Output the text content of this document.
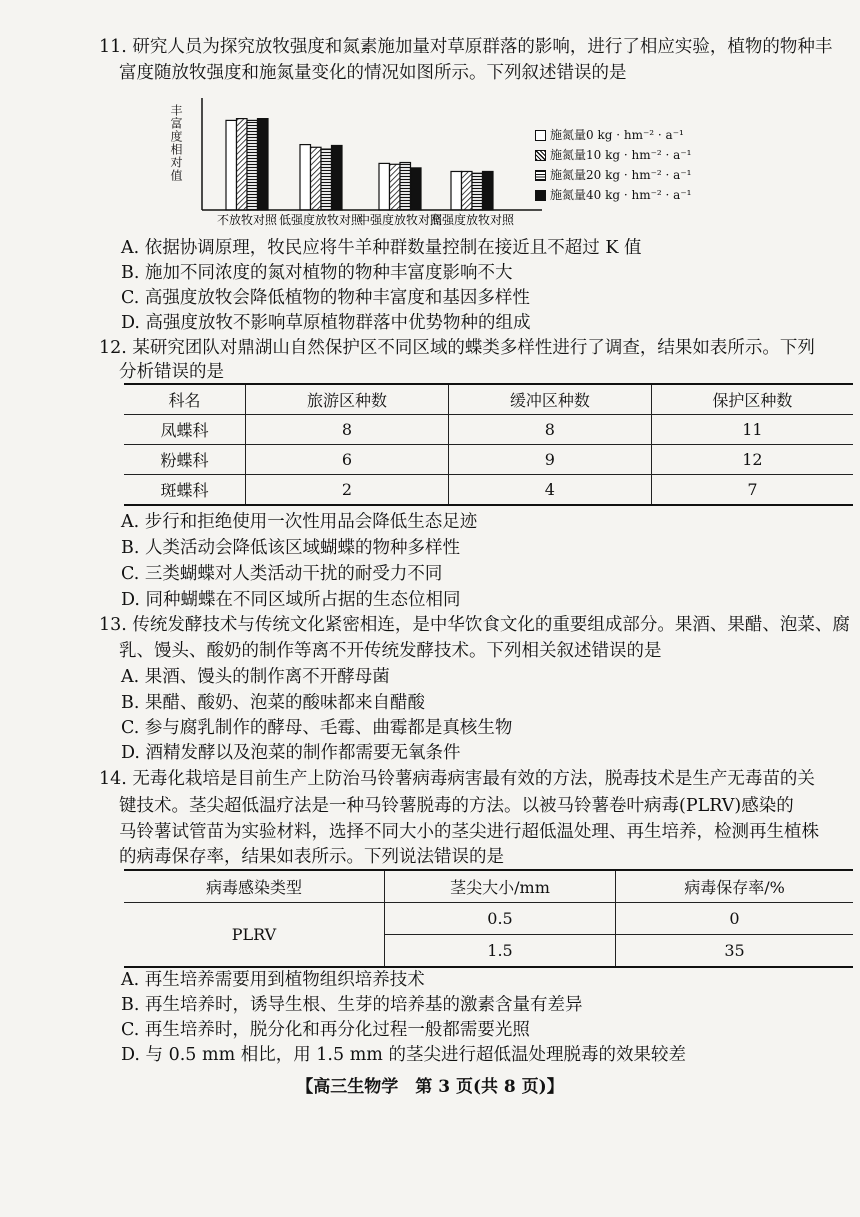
11. 研究人员为探究放牧强度和氮素施加量对草原群落的影响，进行了相应实验，植物的物种丰
富度随放牧强度和施氮量变化的情况如图所示。下列叙述错误的是
不放牧对照 低强度放牧对照
中强度放牧对照
高强度放牧对照
丰富度相对值	施氮量0 kg · hm⁻² · a⁻¹
施氮量10 kg · hm⁻² · a⁻¹
施氮量20 kg · hm⁻² · a⁻¹
施氮量40 kg · hm⁻² · a⁻¹
A. 依据协调原理，牧民应将牛羊种群数量控制在接近且不超过 K 值
B. 施加不同浓度的氮对植物的物种丰富度影响不大
C. 高强度放牧会降低植物的物种丰富度和基因多样性
D. 高强度放牧不影响草原植物群落中优势物种的组成
12. 某研究团队对鼎湖山自然保护区不同区域的蝶类多样性进行了调查，结果如表所示。下列
分析错误的是
科名	旅游区种数	缓冲区种数	保护区种数
凤蝶科	8	8	11
粉蝶科	6	9	12
斑蝶科	2	4	7
A. 步行和拒绝使用一次性用品会降低生态足迹
B. 人类活动会降低该区域蝴蝶的物种多样性
C. 三类蝴蝶对人类活动干扰的耐受力不同
D. 同种蝴蝶在不同区域所占据的生态位相同
13. 传统发酵技术与传统文化紧密相连，是中华饮食文化的重要组成部分。果酒、果醋、泡菜、腐
乳、馒头、酸奶的制作等离不开传统发酵技术。下列相关叙述错误的是
A. 果酒、馒头的制作离不开酵母菌
B. 果醋、酸奶、泡菜的酸味都来自醋酸
C. 参与腐乳制作的酵母、毛霉、曲霉都是真核生物
D. 酒精发酵以及泡菜的制作都需要无氧条件
14. 无毒化栽培是目前生产上防治马铃薯病毒病害最有效的方法，脱毒技术是生产无毒苗的关
键技术。茎尖超低温疗法是一种马铃薯脱毒的方法。以被马铃薯卷叶病毒(PLRV)感染的
马铃薯试管苗为实验材料，选择不同大小的茎尖进行超低温处理、再生培养，检测再生植株
的病毒保存率，结果如表所示。下列说法错误的是
病毒感染类型	茎尖大小/mm	病毒保存率/%
PLRV	0.5	0
	1.5	35
A. 再生培养需要用到植物组织培养技术
B. 再生培养时，诱导生根、生芽的培养基的激素含量有差异
C. 再生培养时，脱分化和再分化过程一般都需要光照
D. 与 0.5 mm 相比，用 1.5 mm 的茎尖进行超低温处理脱毒的效果较差
【高三生物学　第 3 页(共 8 页)】
